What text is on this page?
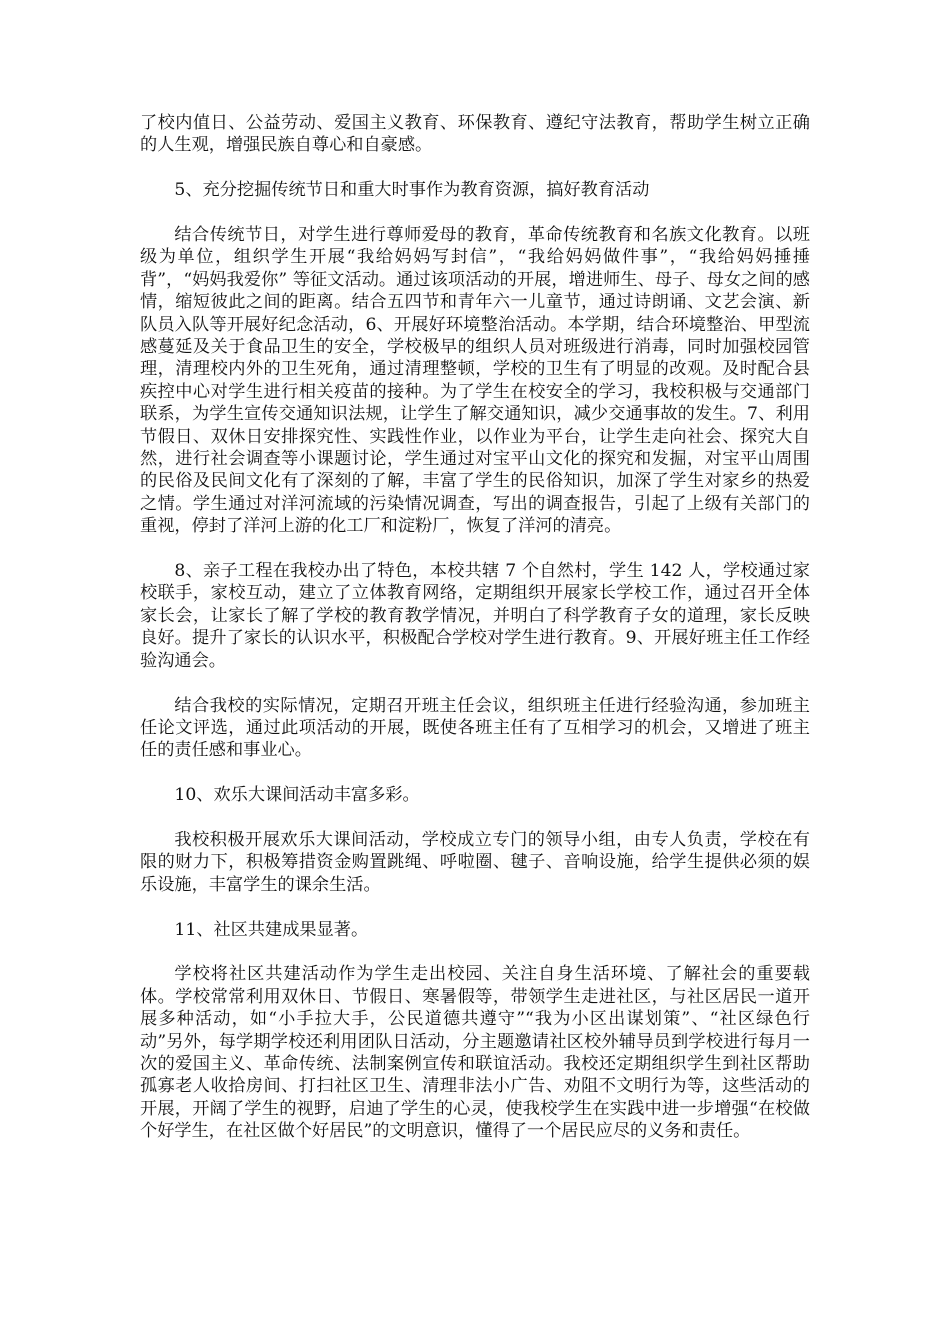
了校内值日、公益劳动、爱国主义教育、环保教育、遵纪守法教育，帮助学生树立正确的人生观，增强民族自尊心和自豪感。

5、充分挖掘传统节日和重大时事作为教育资源，搞好教育活动

结合传统节日，对学生进行尊师爱母的教育，革命传统教育和名族文化教育。以班级为单位，组织学生开展“我给妈妈写封信”，“我给妈妈做件事”，“我给妈妈捶捶背”，“妈妈我爱你” 等征文活动。通过该项活动的开展，增进师生、母子、母女之间的感情，缩短彼此之间的距离。结合五四节和青年六一儿童节，通过诗朗诵、文艺会演、新队员入队等开展好纪念活动，6、开展好环境整治活动。本学期，结合环境整治、甲型流感蔓延及关于食品卫生的安全，学校极早的组织人员对班级进行消毒，同时加强校园管理，清理校内外的卫生死角，通过清理整顿，学校的卫生有了明显的改观。及时配合县疾控中心对学生进行相关疫苗的接种。为了学生在校安全的学习，我校积极与交通部门联系，为学生宣传交通知识法规，让学生了解交通知识，减少交通事故的发生。7、利用节假日、双休日安排探究性、实践性作业，以作业为平台，让学生走向社会、探究大自然，进行社会调查等小课题讨论，学生通过对宝平山文化的探究和发掘，对宝平山周围的民俗及民间文化有了深刻的了解，丰富了学生的民俗知识，加深了学生对家乡的热爱之情。学生通过对洋河流域的污染情况调查，写出的调查报告，引起了上级有关部门的重视，停封了洋河上游的化工厂和淀粉厂，恢复了洋河的清亮。

8、亲子工程在我校办出了特色，本校共辖 7 个自然村，学生 142 人，学校通过家校联手，家校互动，建立了立体教育网络，定期组织开展家长学校工作，通过召开全体家长会，让家长了解了学校的教育教学情况，并明白了科学教育子女的道理，家长反映良好。提升了家长的认识水平，积极配合学校对学生进行教育。9、开展好班主任工作经验沟通会。

结合我校的实际情况，定期召开班主任会议，组织班主任进行经验沟通，参加班主任论文评选，通过此项活动的开展，既使各班主任有了互相学习的机会，又增进了班主任的责任感和事业心。

10、欢乐大课间活动丰富多彩。

我校积极开展欢乐大课间活动，学校成立专门的领导小组，由专人负责，学校在有限的财力下，积极筹措资金购置跳绳、呼啦圈、毽子、音响设施，给学生提供必须的娱乐设施，丰富学生的课余生活。

11、社区共建成果显著。

学校将社区共建活动作为学生走出校园、关注自身生活环境、了解社会的重要载体。学校常常利用双休日、节假日、寒暑假等，带领学生走进社区，与社区居民一道开展多种活动，如“小手拉大手，公民道德共遵守”“我为小区出谋划策”、“社区绿色行动”另外，每学期学校还利用团队日活动，分主题邀请社区校外辅导员到学校进行每月一次的爱国主义、革命传统、法制案例宣传和联谊活动。我校还定期组织学生到社区帮助孤寡老人收拾房间、打扫社区卫生、清理非法小广告、劝阻不文明行为等，这些活动的开展，开阔了学生的视野，启迪了学生的心灵，使我校学生在实践中进一步增强“在校做个好学生，在社区做个好居民”的文明意识，懂得了一个居民应尽的义务和责任。
